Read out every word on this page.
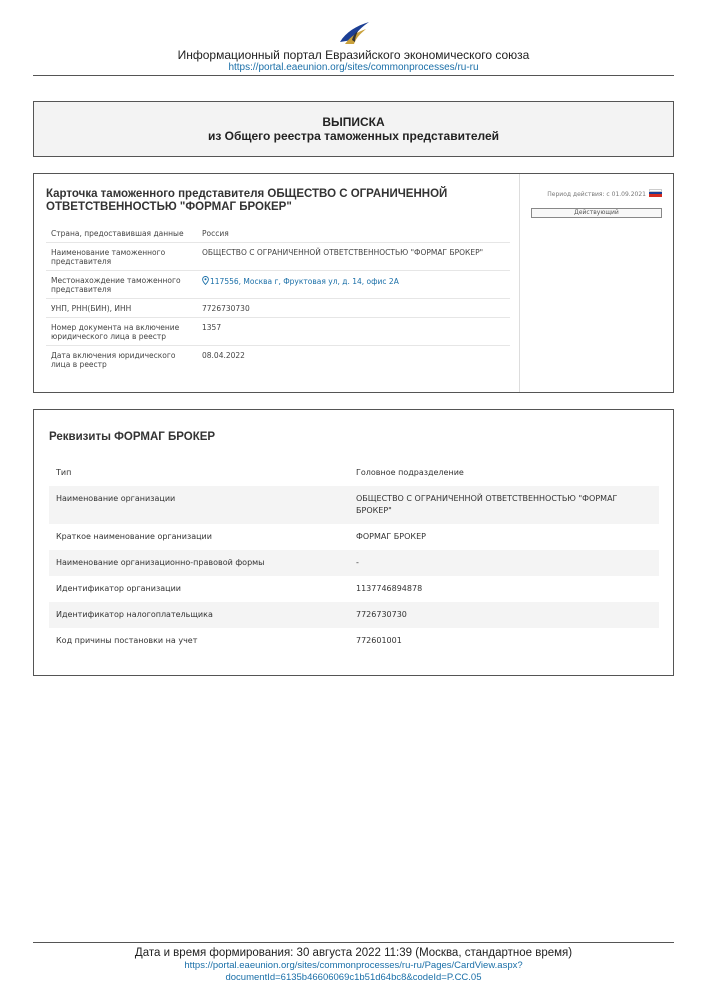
Информационный портал Евразийского экономического союза
https://portal.eaeunion.org/sites/commonprocesses/ru-ru
ВЫПИСКА
из Общего реестра таможенных представителей
Карточка таможенного представителя ОБЩЕСТВО С ОГРАНИЧЕННОЙ ОТВЕТСТВЕННОСТЬЮ "ФОРМАГ БРОКЕР"
Страна, предоставившая данные	Россия
Наименование таможенного представителя	ОБЩЕСТВО С ОГРАНИЧЕННОЙ ОТВЕТСТВЕННОСТЬЮ "ФОРМАГ БРОКЕР"
Местонахождение таможенного представителя	117556, Москва г, Фруктовая ул, д. 14, офис 2А
УНП, РНН(БИН), ИНН	7726730730
Номер документа на включение юридического лица в реестр	1357
Дата включения юридического лица в реестр	08.04.2022
Период действия: с 01.09.2021
Действующий
Реквизиты ФОРМАГ БРОКЕР
Тип	Головное подразделение
Наименование организации	ОБЩЕСТВО С ОГРАНИЧЕННОЙ ОТВЕТСТВЕННОСТЬЮ "ФОРМАГ БРОКЕР"
Краткое наименование организации	ФОРМАГ БРОКЕР
Наименование организационно-правовой формы	-
Идентификатор организации	1137746894878
Идентификатор налогоплательщика	7726730730
Код причины постановки на учет	772601001
Дата и время формирования: 30 августа 2022 11:39 (Москва, стандартное время)
https://portal.eaeunion.org/sites/commonprocesses/ru-ru/Pages/CardView.aspx?
documentId=6135b46606069c1b51d64bc8&codeId=P.CC.05
